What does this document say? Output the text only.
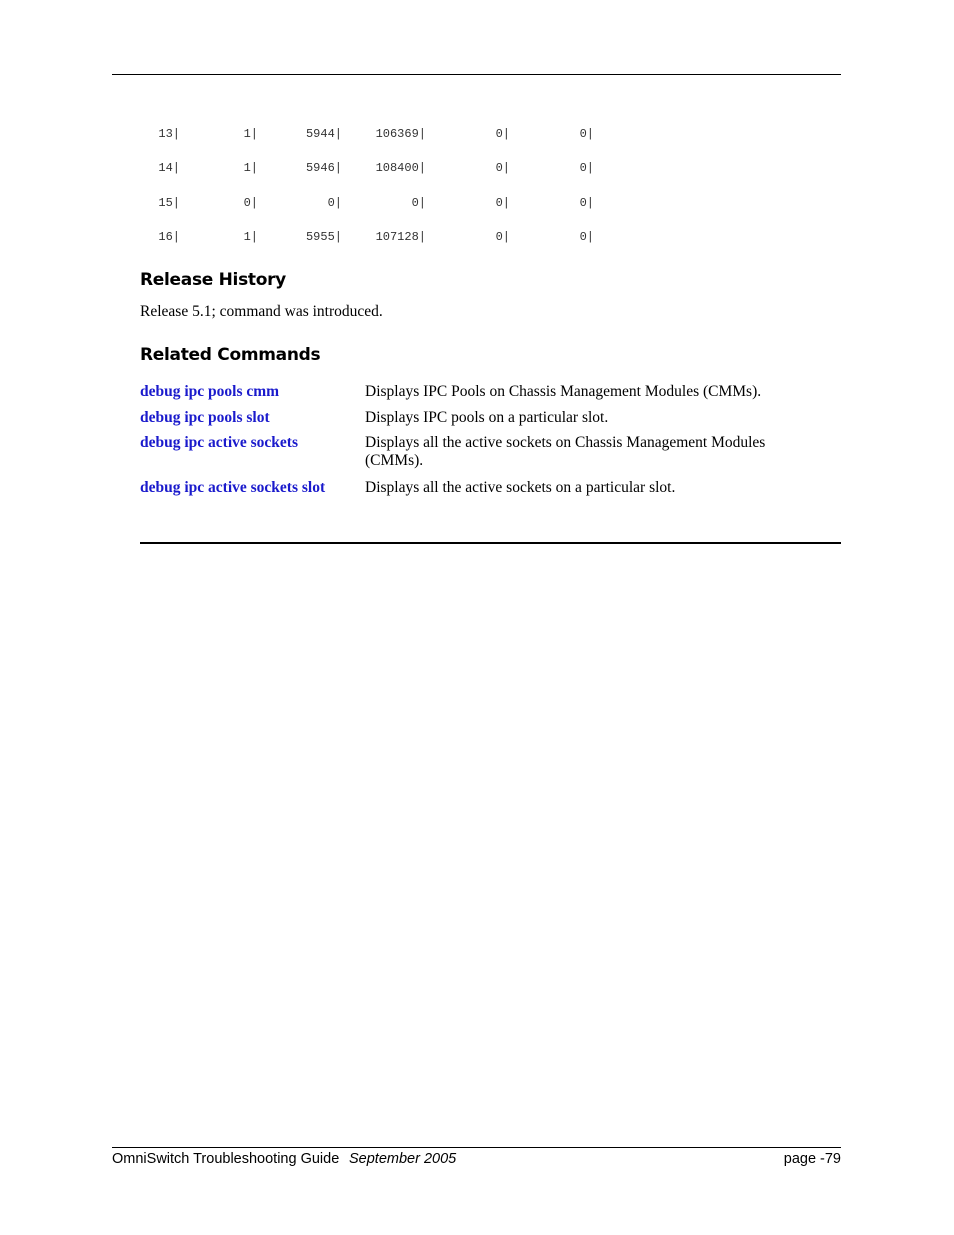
13|	1|	5944|	106369|	0|	0|
14|	1|	5946|	108400|	0|	0|
15|	0|	0|	0|	0|	0|
16|	1|	5955|	107128|	0|	0|
Release History
Release 5.1; command was introduced.
Related Commands
debug ipc pools cmm	Displays IPC Pools on Chassis Management Modules (CMMs).
debug ipc pools slot	Displays IPC pools on a particular slot.
debug ipc active sockets	Displays all the active sockets on Chassis Management Modules (CMMs).
debug ipc active sockets slot	Displays all the active sockets on a particular slot.
OmniSwitch Troubleshooting Guide September 2005	page -79
